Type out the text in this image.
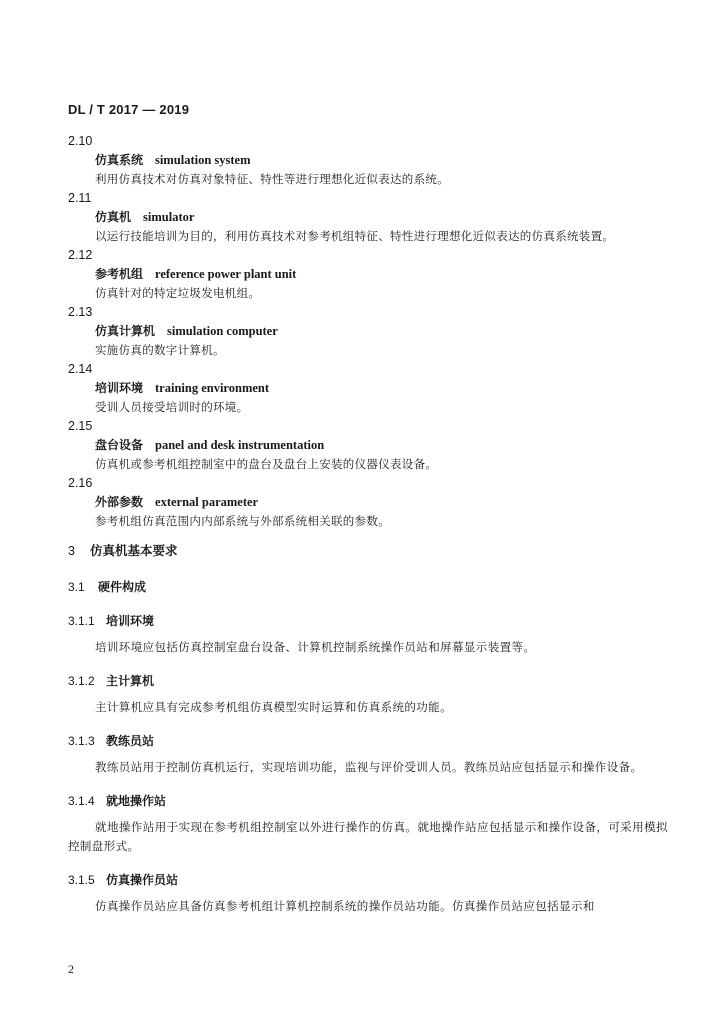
DL / T 2017 — 2019
2.10
仿真系统 simulation system
利用仿真技术对仿真对象特征、特性等进行理想化近似表达的系统。
2.11
仿真机 simulator
以运行技能培训为目的，利用仿真技术对参考机组特征、特性进行理想化近似表达的仿真系统装置。
2.12
参考机组 reference power plant unit
仿真针对的特定垃圾发电机组。
2.13
仿真计算机 simulation computer
实施仿真的数字计算机。
2.14
培训环境 training environment
受训人员接受培训时的环境。
2.15
盘台设备 panel and desk instrumentation
仿真机或参考机组控制室中的盘台及盘台上安装的仪器仪表设备。
2.16
外部参数 external parameter
参考机组仿真范围内内部系统与外部系统相关联的参数。
3 仿真机基本要求
3.1 硬件构成
3.1.1 培训环境
培训环境应包括仿真控制室盘台设备、计算机控制系统操作员站和屏幕显示装置等。
3.1.2 主计算机
主计算机应具有完成参考机组仿真模型实时运算和仿真系统的功能。
3.1.3 教练员站
教练员站用于控制仿真机运行，实现培训功能，监视与评价受训人员。教练员站应包括显示和操作设备。
3.1.4 就地操作站
就地操作站用于实现在参考机组控制室以外进行操作的仿真。就地操作站应包括显示和操作设备，可采用模拟控制盘形式。
3.1.5 仿真操作员站
仿真操作员站应具备仿真参考机组计算机控制系统的操作员站功能。仿真操作员站应包括显示和
2
